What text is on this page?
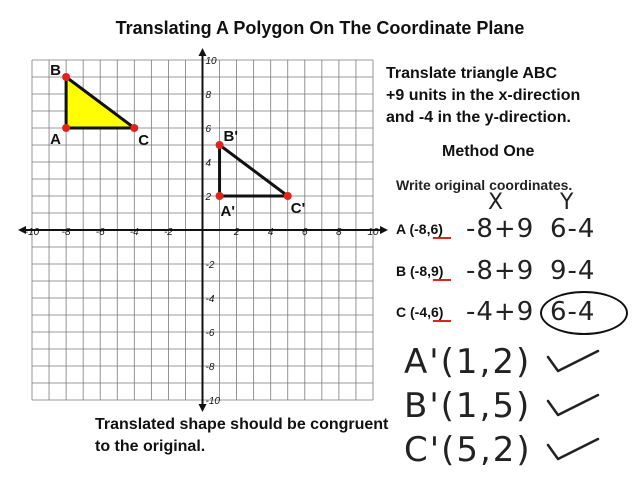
Translating A Polygon On The Coordinate Plane
-10 -8	-6	-4	-2	2	4	6	8	10
10
8
6
4
2
-2
-4
-6
-8
-10
B
A	C	B'
A'	C'
Translate triangle ABC
+9 units in the x-direction
and -4 in the y-direction.
Method One
Write original coordinates.
X	Y
A (-8,6) -8+9 6-4
B (-8,9) -8+9 9-4
C (-4,6) -4+9 6-4
A'(1,2)
B'(1,5)
C'(5,2)
Translated shape should be congruent to the original.
